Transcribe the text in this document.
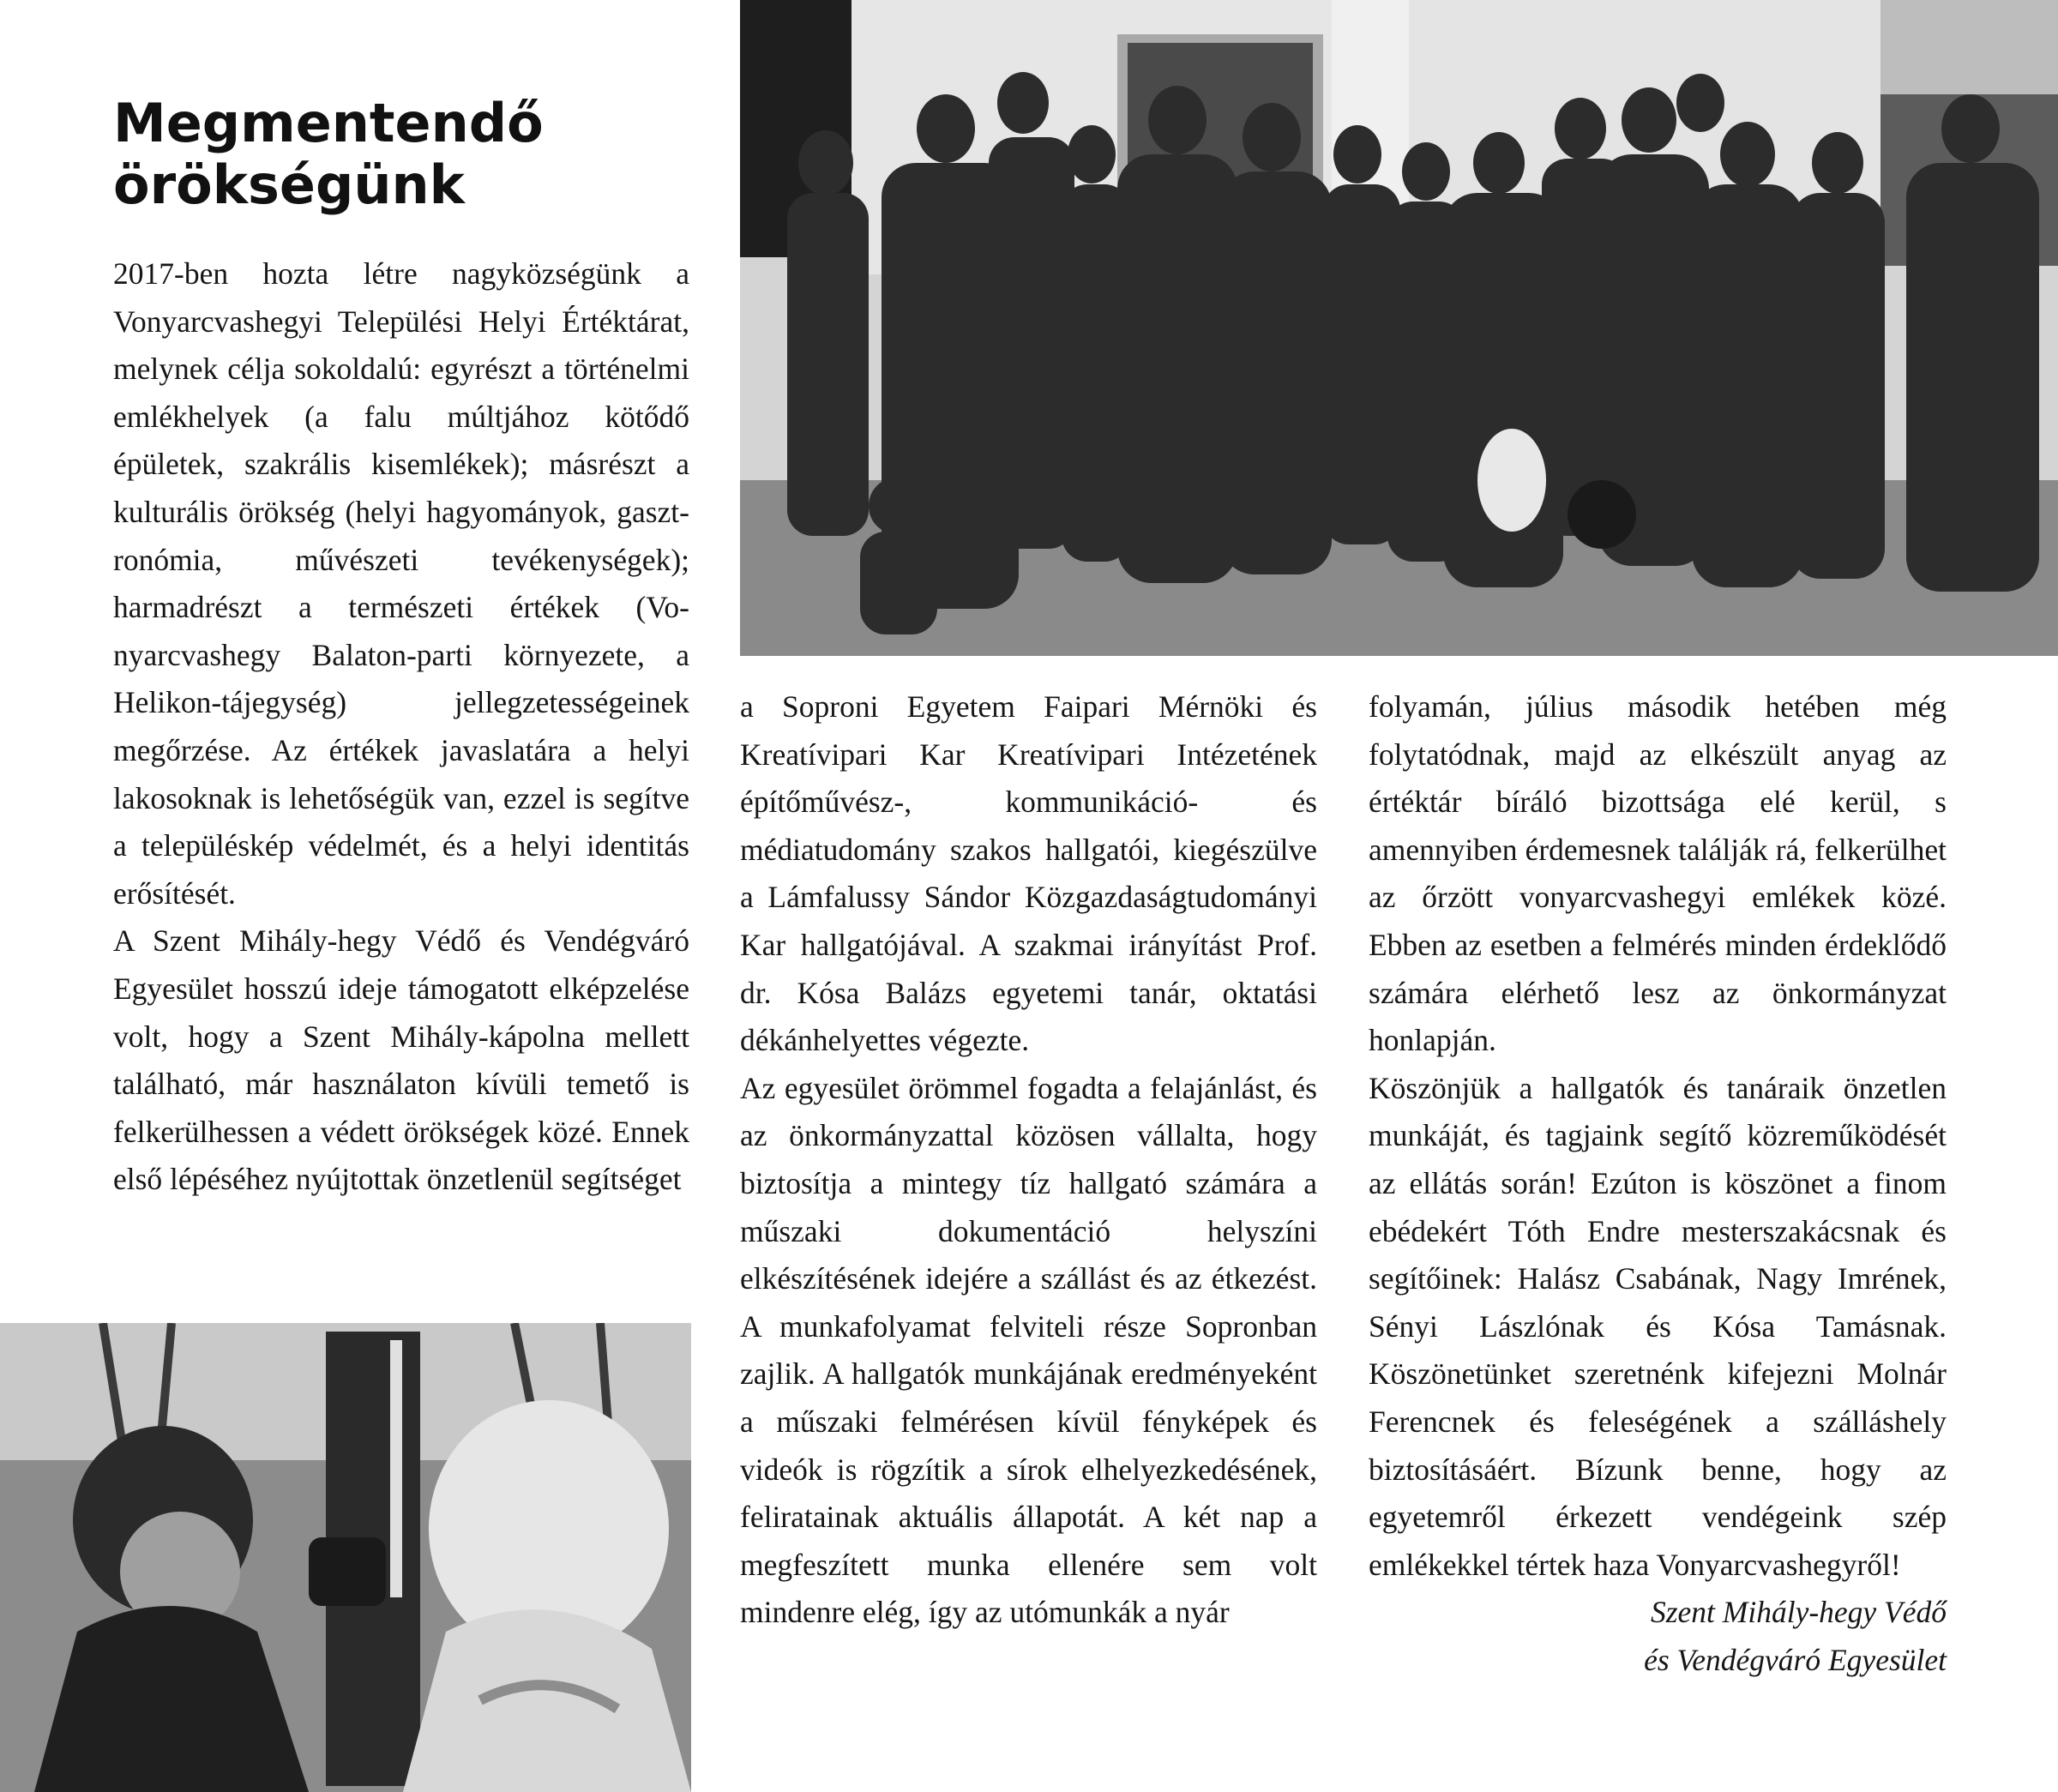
Megmentendő örökségünk

2017-ben hozta létre nagyközségünk a Vonyarcvashegyi Települési Helyi Értéktárat, melynek célja sokoldalú: egyrészt a történelmi emlékhelyek (a falu múltjához kötődő épületek, szakrális kisemlékek); másrészt a kulturális örökség (helyi hagyományok, gasztronómia, művészeti tevékenységek); harmadrészt a természeti értékek (Vonyarcvashegy Balaton-parti környezete, a Helikon-tájegység) jellegzetességeinek megőrzése. Az értékek javaslatára a helyi lakosoknak is lehetőségük van, ezzel is segítve a településkép védelmét, és a helyi identitás erősítését.

A Szent Mihály-hegy Védő és Vendégváró Egyesület hosszú ideje támogatott elképzelése volt, hogy a Szent Mihály-kápolna mellett található, már használaton kívüli temető is felkerülhessen a védett örökségek közé. Ennek első lépéséhez nyújtottak önzetlenül segítséget

a Soproni Egyetem Faipari Mérnöki és Kreatívipari Kar Kreatívipari Intézetének építőművész-, kommunikáció- és médiatudomány szakos hallgatói, kiegészülve a Lámfalussy Sándor Közgazdaságtudományi Kar hallgatójával. A szakmai irányítást Prof. dr. Kósa Balázs egyetemi tanár, oktatási dékánhelyettes végezte.

Az egyesület örömmel fogadta a felajánlást, és az önkormányzattal közösen vállalta, hogy biztosítja a mintegy tíz hallgató számára a műszaki dokumentáció helyszíni elkészítésének idejére a szállást és az étkezést. A munkafolyamat felviteli része Sopronban zajlik. A hallgatók munkájának eredményeként a műszaki felmérésen kívül fényképek és videók is rögzítik a sírok elhelyezkedésének, feliratainak aktuális állapotát. A két nap a megfeszített munka ellenére sem volt mindenre elég, így az utómunkák a nyár

folyamán, július második hetében még folytatódnak, majd az elkészült anyag az értéktár bíráló bizottsága elé kerül, s amennyiben érdemesnek találják rá, felkerülhet az őrzött vonyarcvashegyi emlékek közé. Ebben az esetben a felmérés minden érdeklődő számára elérhető lesz az önkormányzat honlapján.

Köszönjük a hallgatók és tanáraik önzetlen munkáját, és tagjaink segítő közreműködését az ellátás során! Ezúton is köszönet a finom ebédekért Tóth Endre mesterszakácsnak és segítőinek: Halász Csabának, Nagy Imrének, Sényi Lászlónak és Kósa Tamásnak. Köszönetünket szeretnénk kifejezni Molnár Ferencnek és feleségének a szálláshely biztosításáért. Bízunk benne, hogy az egyetemről érkezett vendégeink szép emlékekkel tértek haza Vonyarcvashegyről!

Szent Mihály-hegy Védő
és Vendégváró Egyesület
